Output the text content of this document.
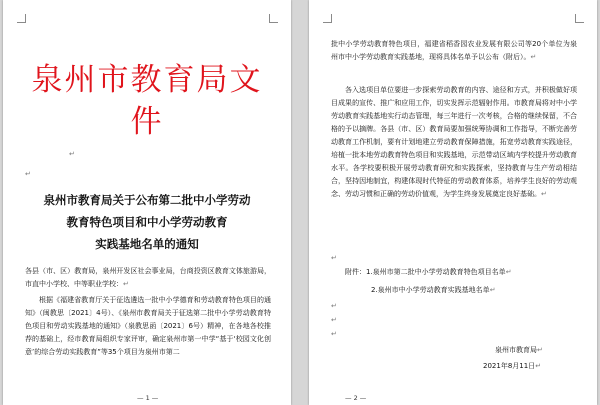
泉州市教育局文
件
↵
↵
泉州市教育局关于公布第二批中小学劳动
教育特色项目和中小学劳动教育
实践基地名单的通知
各县（市、区）教育局，泉州开发区社会事业局，台商投资区教育文体旅游局，市直中小学校、中等职业学校：↵
根据《福建省教育厅关于征选遴选一批中小学德育和劳动教育特色项目的通知》（闽教思〔2021〕4号）、《泉州市教育局关于征选第二批中小学劳动教育特色项目和劳动实践基地的通知》（泉教思函〔2021〕6号）精神，在各地各校推荐的基础上，经市教育局组织专家评审，确定泉州市第一中学“基于‘校园文化创意’的综合劳动实践教育”等35个项目为泉州市第二
— 1 —
批中小学劳动教育特色项目，福建省稻香园农业发展有限公司等20个单位为泉州市中小学劳动教育实践基地，现将具体名单予以公布（附后）。↵
各入选项目单位要进一步探索劳动教育的内容、途径和方式，并积极做好项目成果的宣传、推广和应用工作，切实发挥示范辐射作用。市教育局将对中小学劳动教育实践基地实行动态管理，每三年进行一次考核，合格的继续保留，不合格的予以摘牌。各县（市、区）教育局要加强统筹协调和工作指导，不断完善劳动教育工作机制，要有计划地建立劳动教育保障措施，拓宽劳动教育实践途径，培植一批本地劳动教育特色项目和实践基地，示范带动区域内学校提升劳动教育水平。各学校要积极开展劳动教育研究和实践探索，坚持教育与生产劳动相结合，坚持因地制宜，构建体现时代特征的劳动教育体系，培养学生良好的劳动观念、劳动习惯和正确的劳动价值观，为学生终身发展奠定良好基础。↵
↵
附件：1.泉州市第二批中小学劳动教育特色项目名单↵
2.泉州市中小学劳动教育实践基地名单↵
↵
↵
↵
泉州市教育局↵
2021年8月11日↵
— 2 —
